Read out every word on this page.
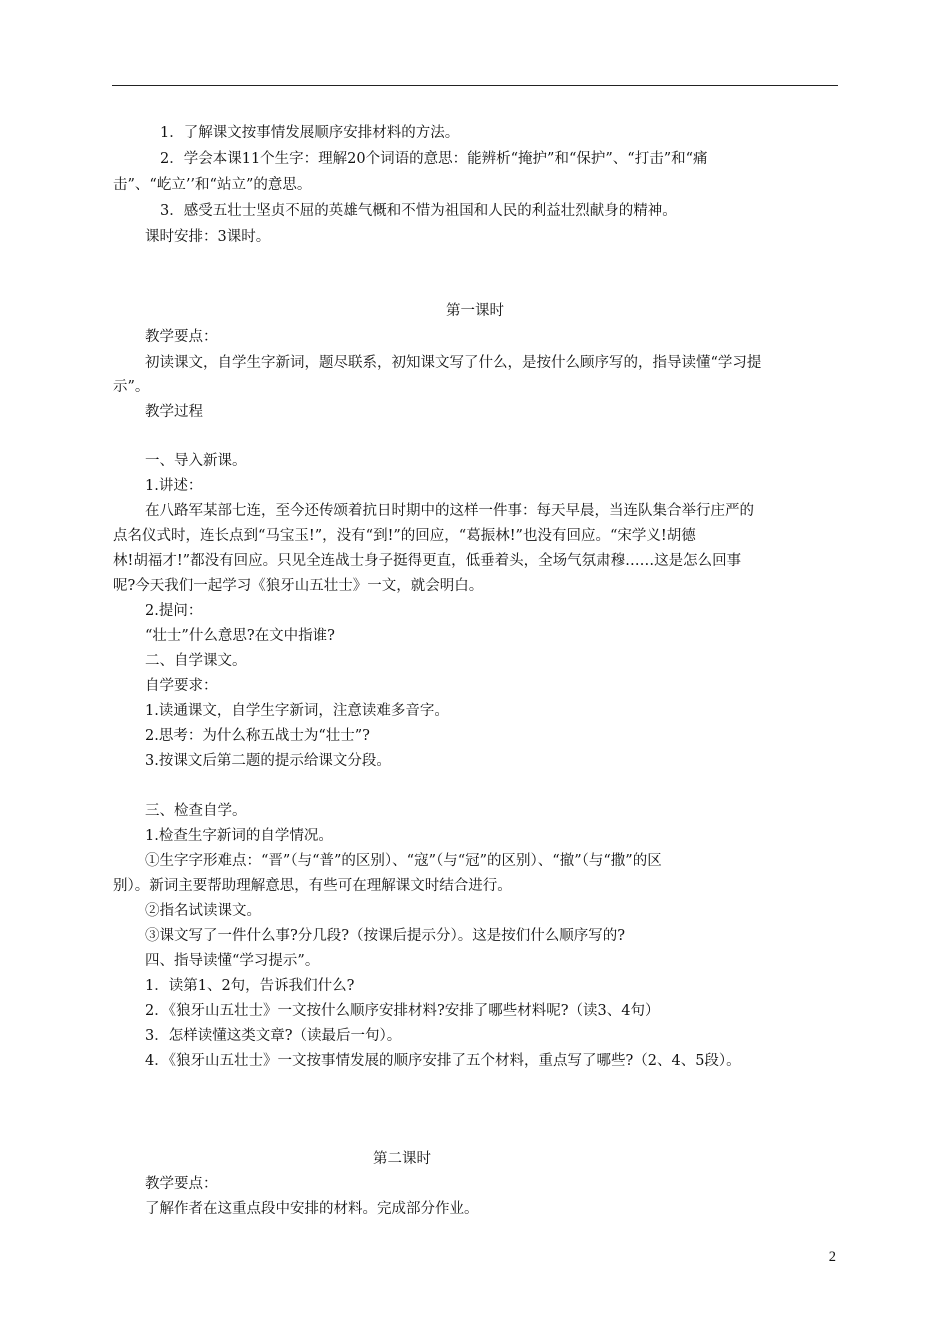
1．了解课文按事情发展顺序安排材料的方法。

2．学会本课11个生字：理解20个词语的意思：能辨析“掩护”和“保护”、“打击”和“痛

击”、“屹立’’和“站立”的意思。

3．感受五壮士坚贞不屈的英雄气概和不惜为祖国和人民的利益壮烈献身的精神。

课时安排：3课时。

第一课时

教学要点：

初读课文，自学生字新词，题尽联系，初知课文写了什么，是按什么顾序写的，指导读懂“学习提

示”。

教学过程

一、导入新课。

1.讲述：

在八路军某部七连，至今还传颂着抗日时期中的这样一件事：每天早晨，当连队集合举行庄严的

点名仪式时，连长点到“马宝玉!”，没有“到!”的回应，“葛振林!”也没有回应。“宋学义!胡德

林!胡福才!”都没有回应。只见全连战士身子挺得更直，低垂着头，全场气氛肃穆……这是怎么回事

呢?今天我们一起学习《狼牙山五壮士》一文，就会明白。

2.提问：

“壮士”什么意思?在文中指谁?

二、自学课文。

自学要求：

1.读通课文，自学生字新词，注意读难多音字。

2.思考：为什么称五战士为“壮士”?

3.按课文后第二题的提示给课文分段。

三、检查自学。

1.检查生字新词的自学情况。

①生字字形难点：“晋”（与“普”的区别）、“寇”（与“冠”的区别）、“撤”（与“撒”的区

别）。新词主要帮助理解意思，有些可在理解课文时结合进行。

②指名试读课文。

③课文写了一件什么事?分几段?（按课后提示分）。这是按们什么顺序写的?

四、指导读懂“学习提示”。

1．读第1、2句，告诉我们什么?

2．《狼牙山五壮士》一文按什么顺序安排材料?安排了哪些材料呢?（读3、4句）

3．怎样读懂这类文章?（读最后一句）。

4．《狼牙山五壮士》一文按事情发展的顺序安排了五个材料，重点写了哪些?（2、4、5段）。

第二课时

教学要点：

了解作者在这重点段中安排的材料。完成部分作业。

2
